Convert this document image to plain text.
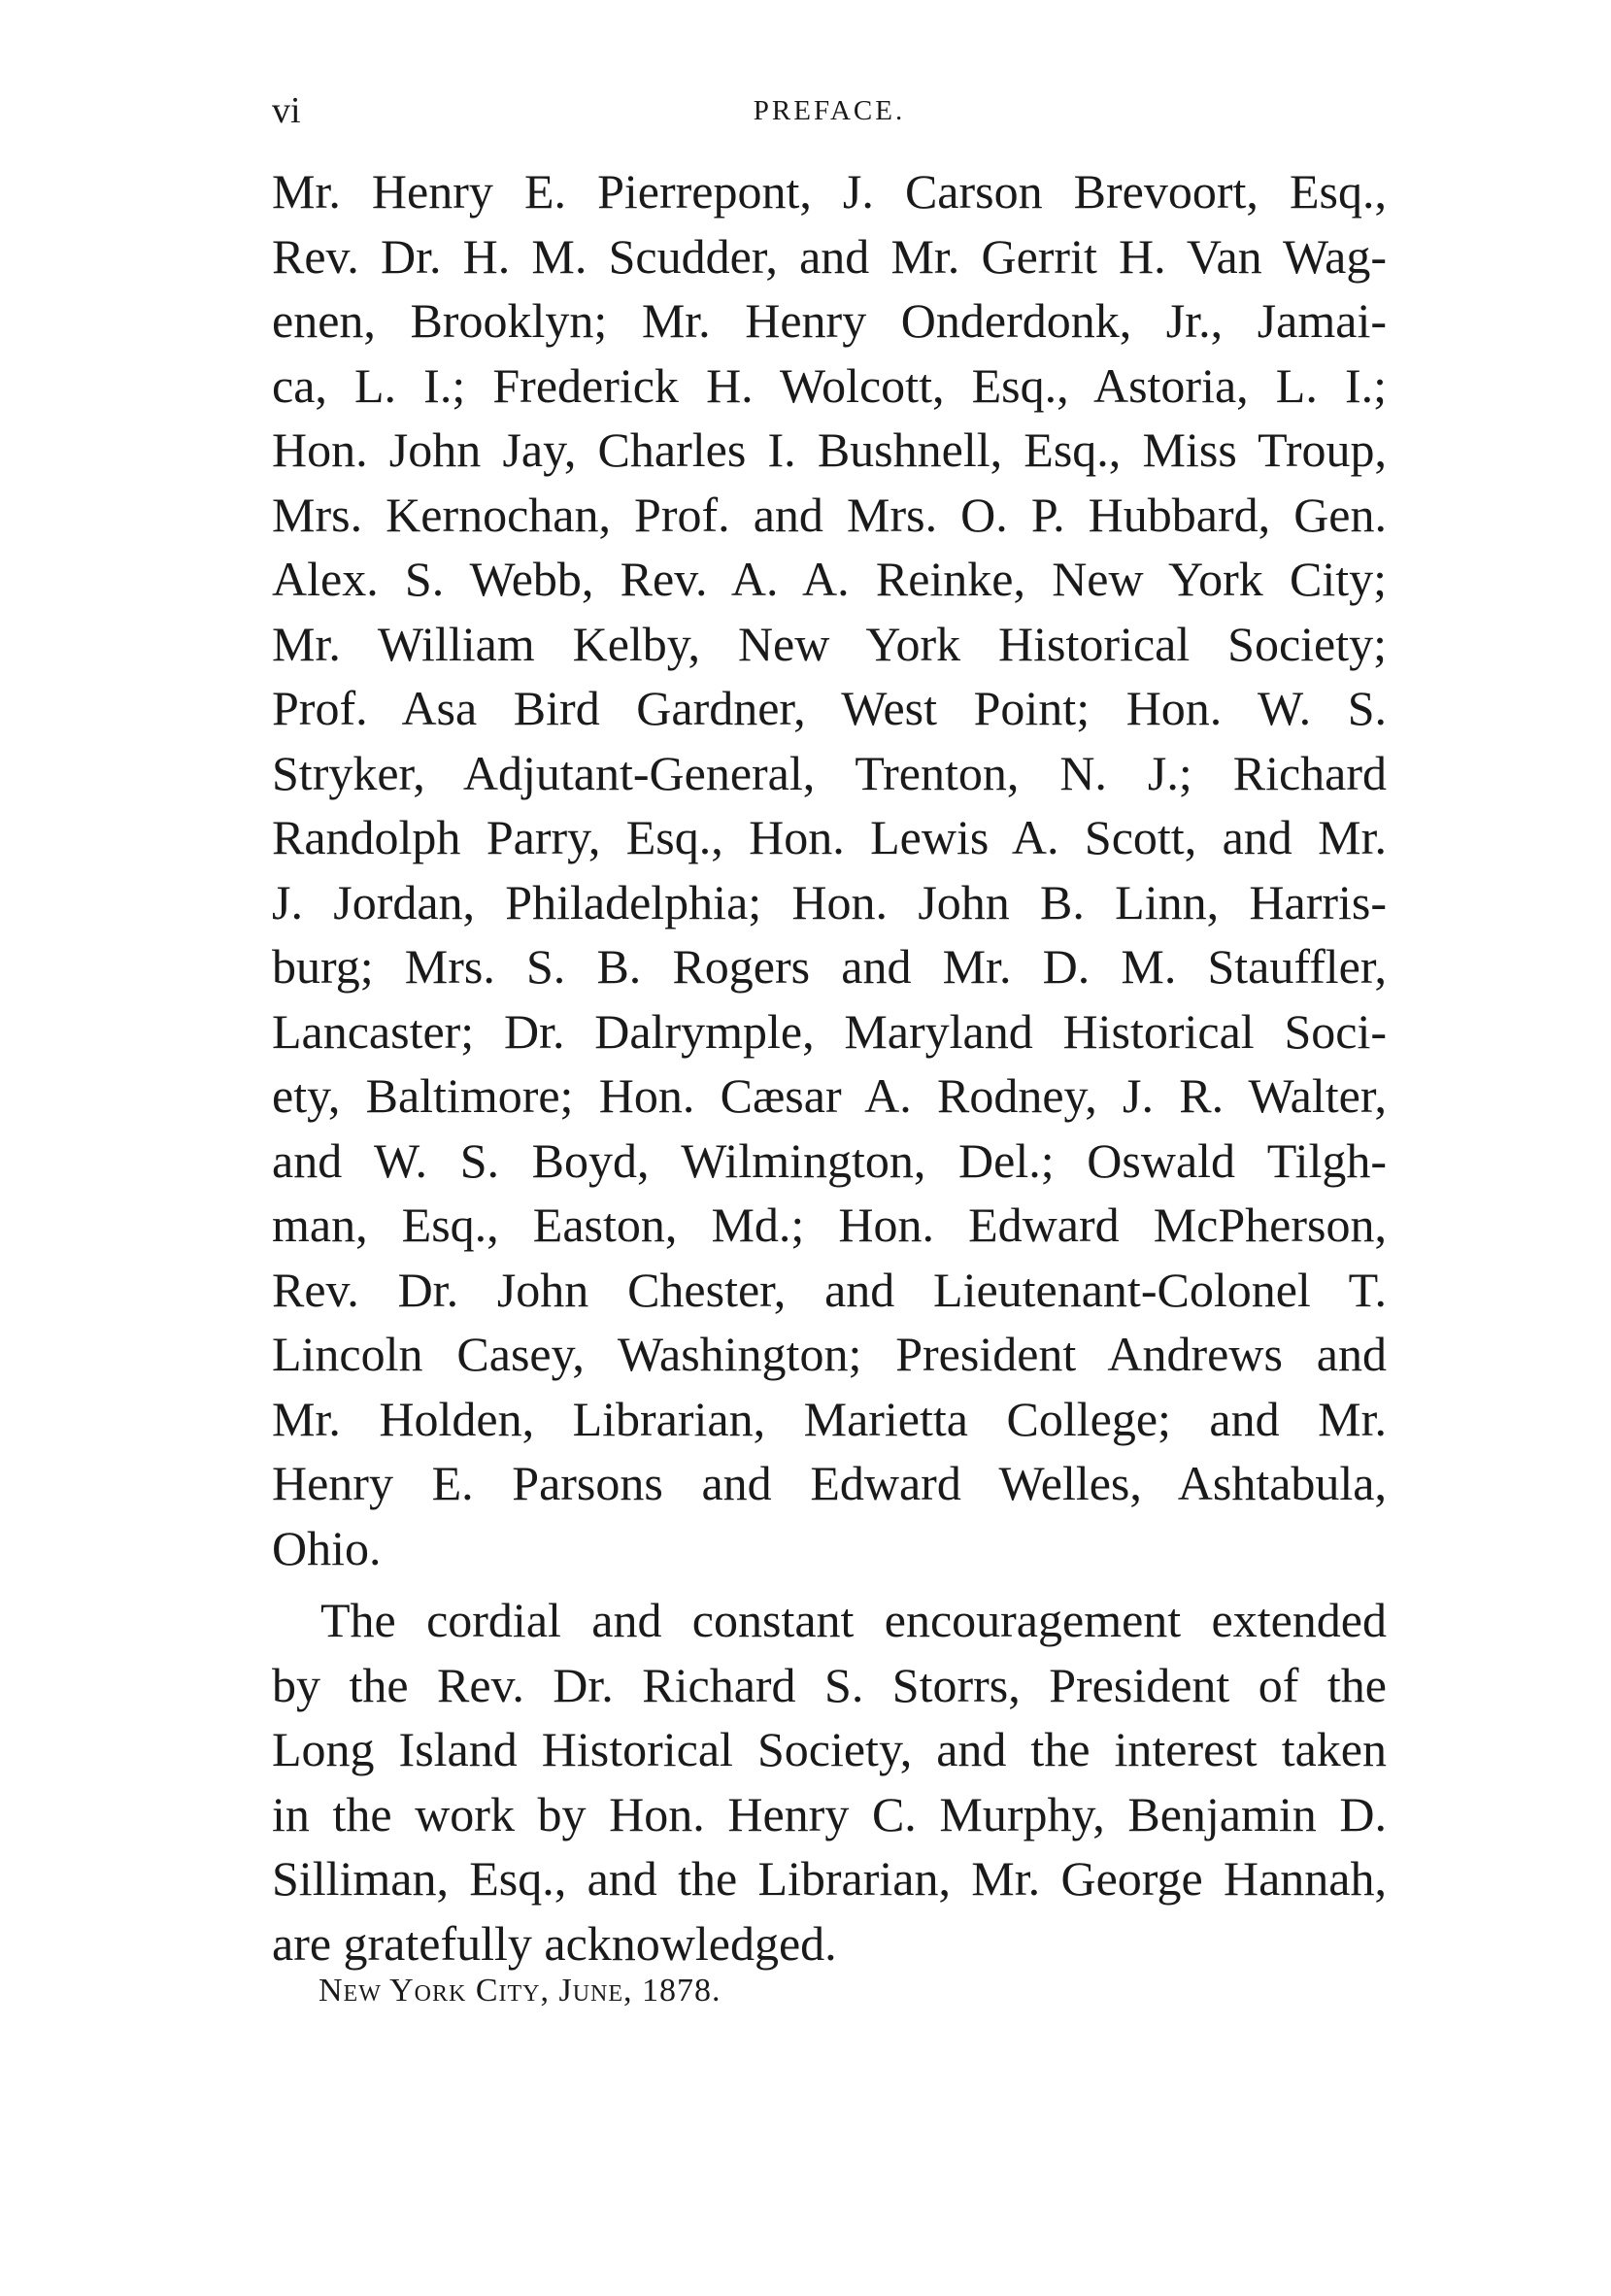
vi	PREFACE.
Mr. Henry E. Pierrepont, J. Carson Brevoort, Esq.,
Rev. Dr. H. M. Scudder, and Mr. Gerrit H. Van Wag-
enen, Brooklyn; Mr. Henry Onderdonk, Jr., Jamai-
ca, L. I.; Frederick H. Wolcott, Esq., Astoria, L. I.;
Hon. John Jay, Charles I. Bushnell, Esq., Miss Troup,
Mrs. Kernochan, Prof. and Mrs. O. P. Hubbard, Gen.
Alex. S. Webb, Rev. A. A. Reinke, New York City;
Mr. William Kelby, New York Historical Society;
Prof. Asa Bird Gardner, West Point; Hon. W. S.
Stryker, Adjutant-General, Trenton, N. J.; Richard
Randolph Parry, Esq., Hon. Lewis A. Scott, and Mr.
J. Jordan, Philadelphia; Hon. John B. Linn, Harris-
burg; Mrs. S. B. Rogers and Mr. D. M. Stauffler,
Lancaster; Dr. Dalrymple, Maryland Historical Soci-
ety, Baltimore; Hon. Cæsar A. Rodney, J. R. Walter,
and W. S. Boyd, Wilmington, Del.; Oswald Tilgh-
man, Esq., Easton, Md.; Hon. Edward McPherson,
Rev. Dr. John Chester, and Lieutenant-Colonel T.
Lincoln Casey, Washington; President Andrews and
Mr. Holden, Librarian, Marietta College; and Mr.
Henry E. Parsons and Edward Welles, Ashtabula,
Ohio.
The cordial and constant encouragement extended
by the Rev. Dr. Richard S. Storrs, President of the
Long Island Historical Society, and the interest taken
in the work by Hon. Henry C. Murphy, Benjamin D.
Silliman, Esq., and the Librarian, Mr. George Hannah,
are gratefully acknowledged.
New York City, June, 1878.
